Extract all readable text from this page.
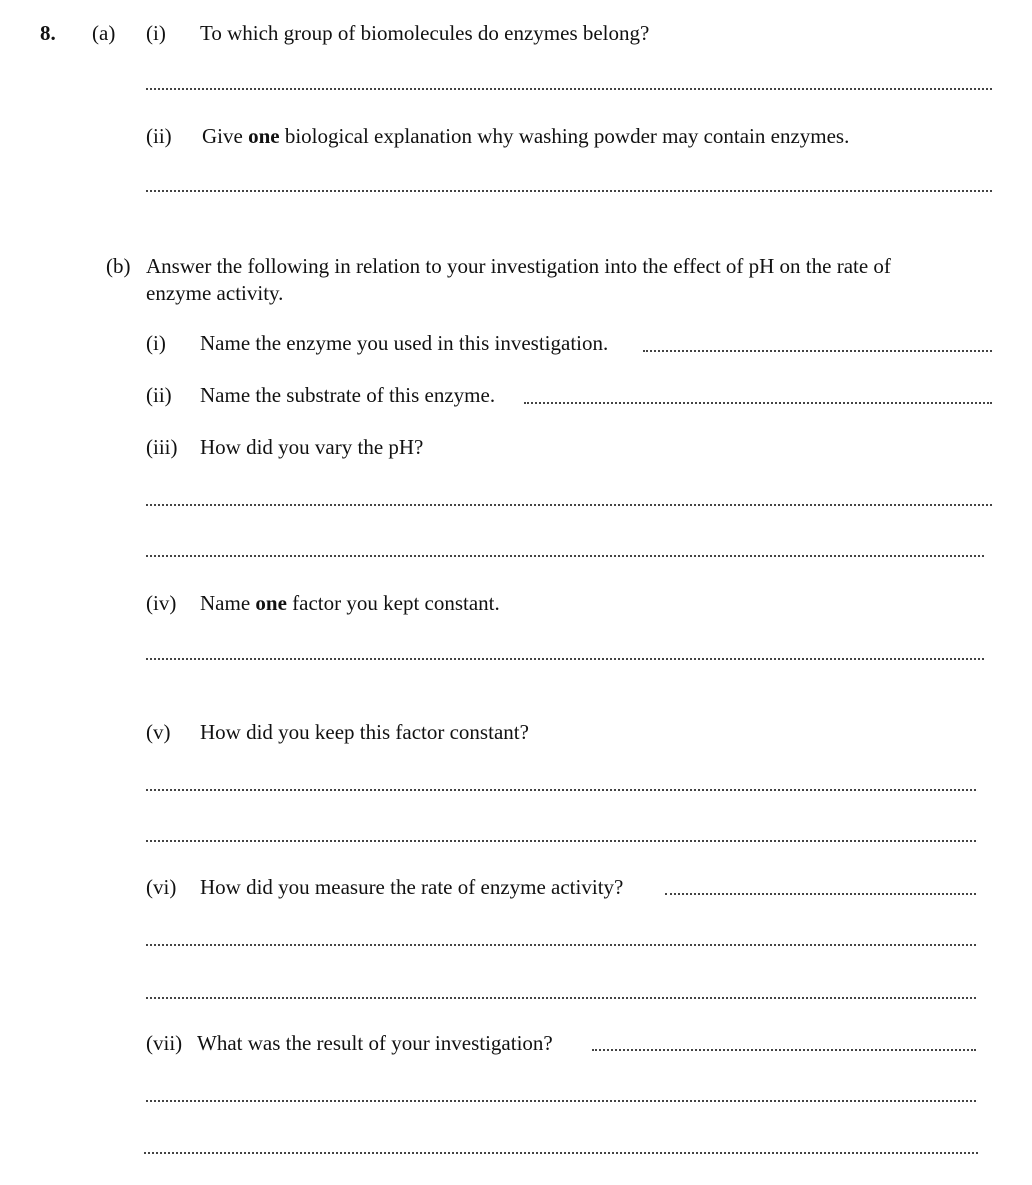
8. (a) (i) To which group of biomolecules do enzymes belong?
(ii) Give one biological explanation why washing powder may contain enzymes.
(b) Answer the following in relation to your investigation into the effect of pH on the rate of
enzyme activity.
(i) Name the enzyme you used in this investigation.
(ii) Name the substrate of this enzyme.
(iii) How did you vary the pH?
(iv) Name one factor you kept constant.
(v) How did you keep this factor constant?
(vi) How did you measure the rate of enzyme activity?
(vii) What was the result of your investigation?
